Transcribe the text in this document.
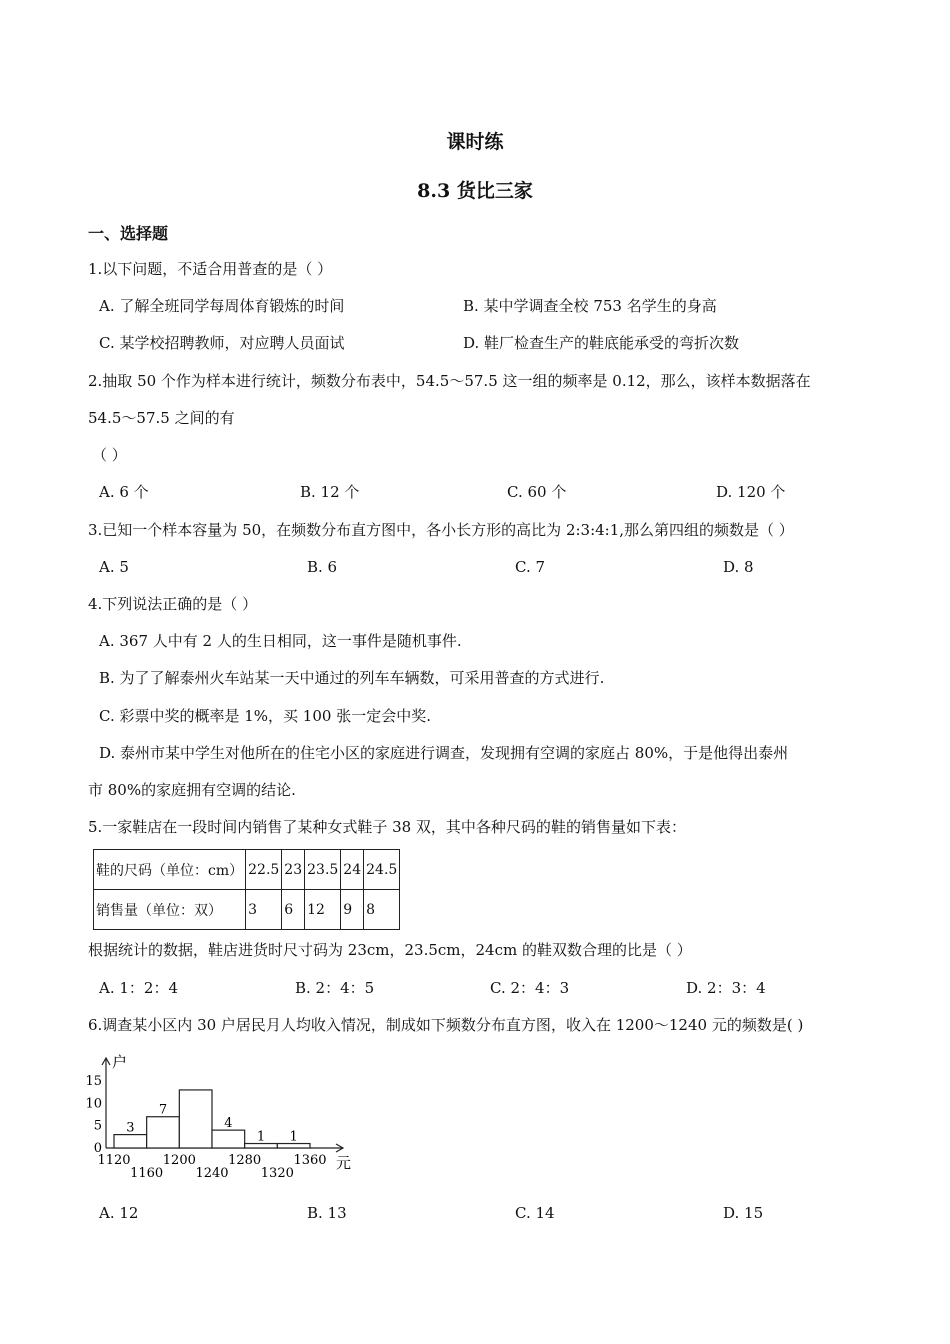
课时练
8.3 货比三家
一、选择题
1.以下问题，不适合用普查的是（ ）
A. 了解全班同学每周体育锻炼的时间	B. 某中学调查全校 753 名学生的身高
C. 某学校招聘教师，对应聘人员面试	D. 鞋厂检查生产的鞋底能承受的弯折次数
2.抽取 50 个作为样本进行统计，频数分布表中，54.5～57.5 这一组的频率是 0.12，那么，该样本数据落在
54.5～57.5 之间的有
（ ）
A. 6 个	B. 12 个	C. 60 个	D. 120 个
3.已知一个样本容量为 50，在频数分布直方图中，各小长方形的高比为 2:3:4:1,那么第四组的频数是（ ）
A. 5	B. 6	C. 7	D. 8
4.下列说法正确的是（ ）
A. 367 人中有 2 人的生日相同，这一事件是随机事件.
B. 为了了解泰州火车站某一天中通过的列车车辆数，可采用普查的方式进行.
C. 彩票中奖的概率是 1%，买 100 张一定会中奖.
D. 泰州市某中学生对他所在的住宅小区的家庭进行调查，发现拥有空调的家庭占 80%，于是他得出泰州
市 80%的家庭拥有空调的结论.
5.一家鞋店在一段时间内销售了某种女式鞋子 38 双，其中各种尺码的鞋的销售量如下表：
鞋的尺码（单位：cm）	22.5	23	23.5	24	24.5
销售量（单位：双）	3	6	12	9	8
根据统计的数据，鞋店进货时尺寸码为 23cm，23.5cm，24cm 的鞋双数合理的比是（ ）
A. 1：2：4	B. 2：4：5	C. 2：4：3	D. 2：3：4
6.调查某小区内 30 户居民月人均收入情况，制成如下频数分布直方图，收入在 1200～1240 元的频数是( )
户
元
0
5
10
15
3
7
4
1 1
1120 1200 1280 1360
1160 1240 1320
A. 12	B. 13	C. 14	D. 15
